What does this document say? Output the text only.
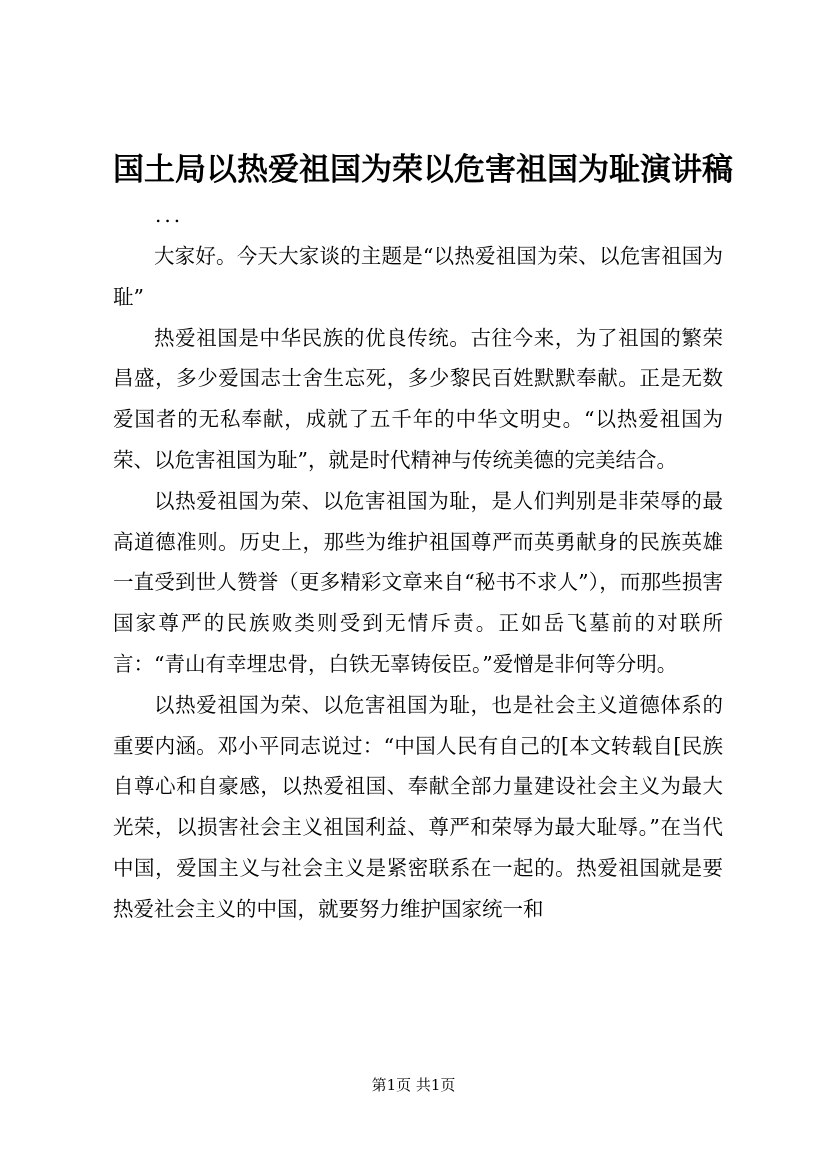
国土局以热爱祖国为荣以危害祖国为耻演讲稿
...

大家好。今天大家谈的主题是“以热爱祖国为荣、以危害祖国为耻”

热爱祖国是中华民族的优良传统。古往今来，为了祖国的繁荣昌盛，多少爱国志士舍生忘死，多少黎民百姓默默奉献。正是无数爱国者的无私奉献，成就了五千年的中华文明史。“以热爱祖国为荣、以危害祖国为耻”，就是时代精神与传统美德的完美结合。

以热爱祖国为荣、以危害祖国为耻，是人们判别是非荣辱的最高道德准则。历史上，那些为维护祖国尊严而英勇献身的民族英雄一直受到世人赞誉（更多精彩文章来自“秘书不求人”），而那些损害国家尊严的民族败类则受到无情斥责。正如岳飞墓前的对联所言：“青山有幸埋忠骨，白铁无辜铸佞臣。”爱憎是非何等分明。

以热爱祖国为荣、以危害祖国为耻，也是社会主义道德体系的重要内涵。邓小平同志说过：“中国人民有自己的[本文转载自[民族自尊心和自豪感，以热爱祖国、奉献全部力量建设社会主义为最大光荣，以损害社会主义祖国利益、尊严和荣辱为最大耻辱。”在当代中国，爱国主义与社会主义是紧密联系在一起的。热爱祖国就是要热爱社会主义的中国，就要努力维护国家统一和

第1页 共1页
